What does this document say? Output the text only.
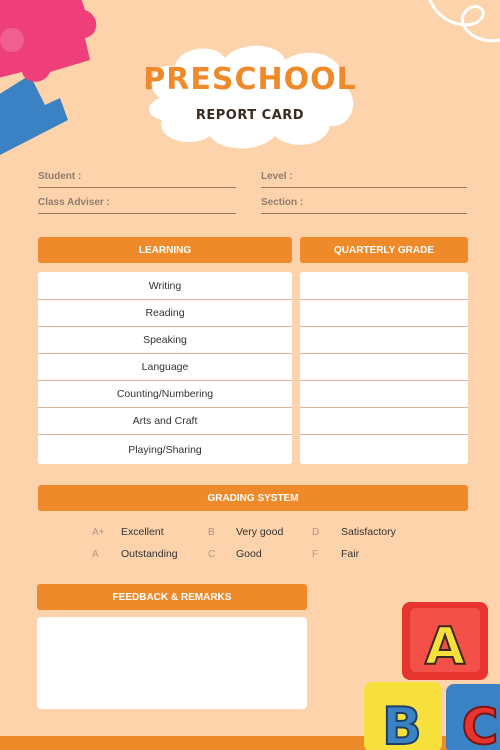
PRESCHOOL
REPORT CARD
Student :	Level :
Class Adviser :	Section :
LEARNING	QUARTERLY GRADE
Writing
Reading
Speaking
Language
Counting/Numbering
Arts and Craft
Playing/Sharing
GRADING SYSTEM
A+ Excellent	B Very good	D Satisfactory
A Outstanding	C Good	F Fair
FEEDBACK & REMARKS
A
B C
